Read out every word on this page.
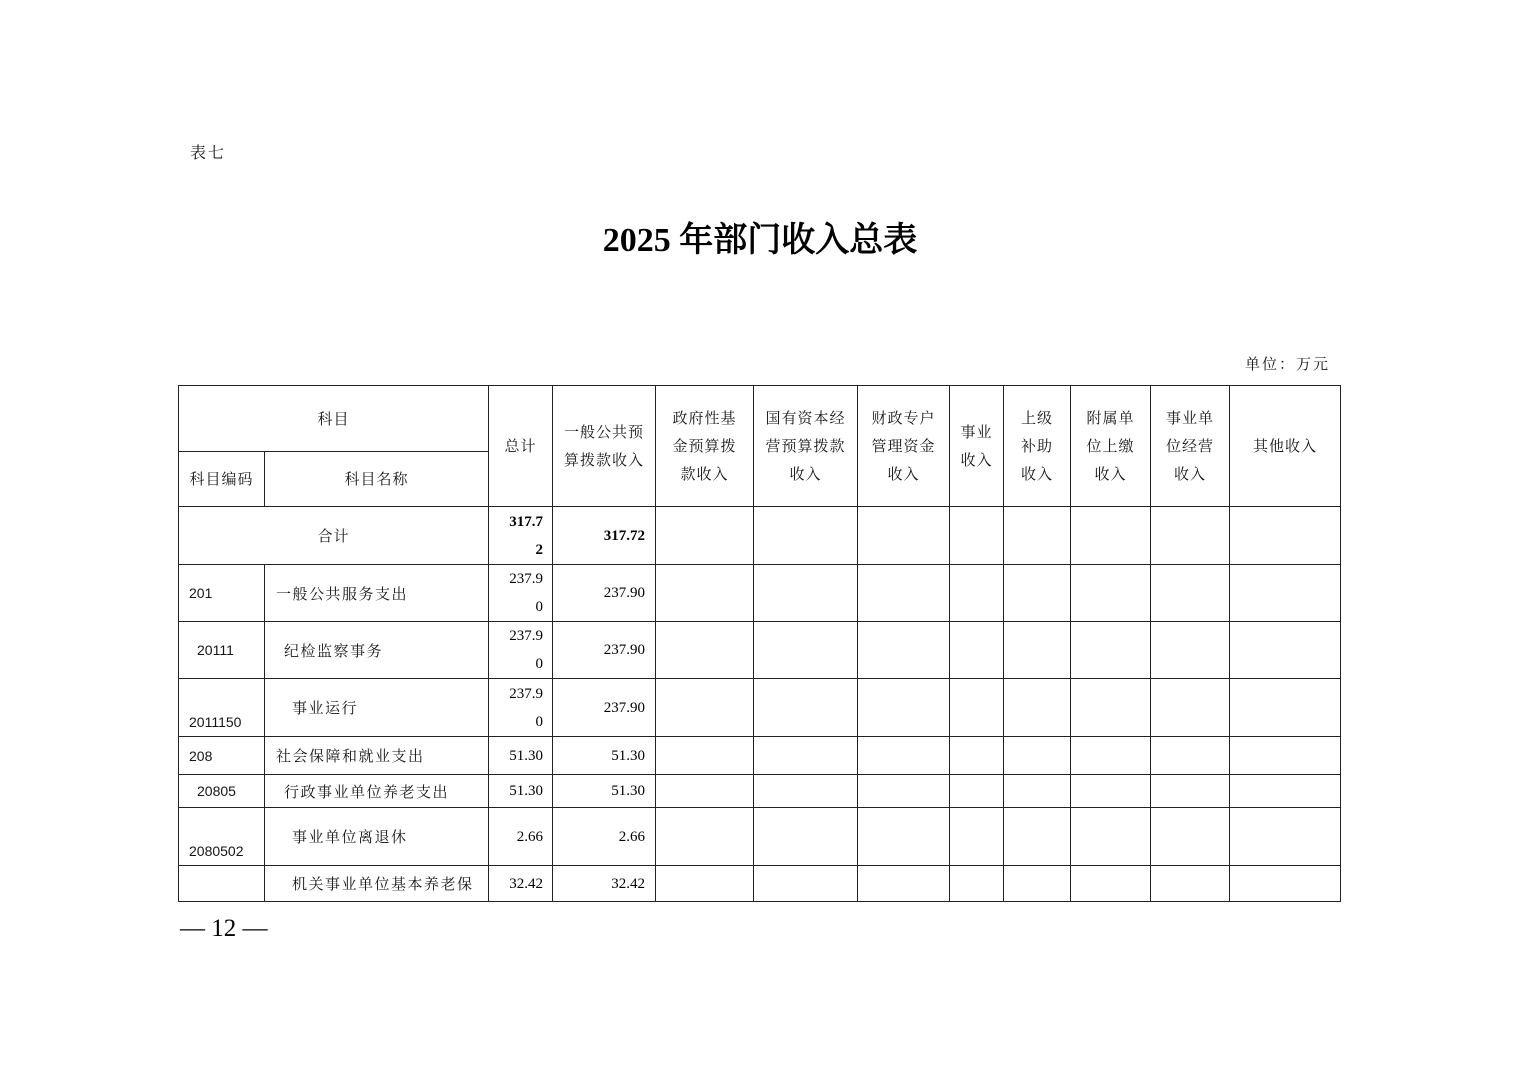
表七
2025 年部门收入总表
单位：万元
科目		总计	一般公共预算拨款收入	政府性基金预算拨款收入	国有资本经营预算拨款收入	财政专户管理资金收入	事业收入	上级补助收入	附属单位上缴收入	事业单位经营收入	其他收入
科目编码	科目名称										
合计		317.72	317.72								
201	一般公共服务支出	237.90	237.90								
20111	纪检监察事务	237.90	237.90								
2011150	事业运行	237.90	237.90								
208	社会保障和就业支出	51.30	51.30								
20805	行政事业单位养老支出	51.30	51.30								
2080502	事业单位离退休	2.66	2.66								
	机关事业单位基本养老保	32.42	32.42								
— 12 —
